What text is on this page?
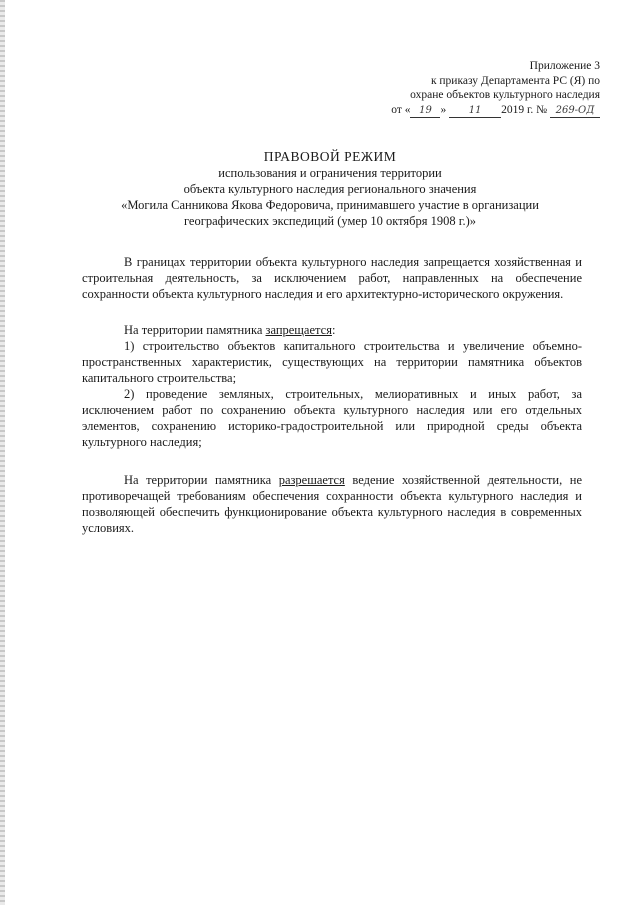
Приложение 3
к приказу Департамента РС (Я) по
охране объектов культурного наследия
от « 19 » 11 2019 г. № 269-ОД
ПРАВОВОЙ РЕЖИМ
использования и ограничения территории
объекта культурного наследия регионального значения
«Могила Санникова Якова Федоровича, принимавшего участие в организации
географических экспедиций (умер 10 октября 1908 г.)»

В границах территории объекта культурного наследия запрещается хозяйственная и строительная деятельность, за исключением работ, направленных на обеспечение сохранности объекта культурного наследия и его архитектурно-исторического окружения.

На территории памятника запрещается:

1) строительство объектов капитального строительства и увеличение объемно- пространственных характеристик, существующих на территории памятника объектов капитального строительства;

2) проведение земляных, строительных, мелиоративных и иных работ, за исключением работ по сохранению объекта культурного наследия или его отдельных элементов, сохранению историко-градостроительной или природной среды объекта культурного наследия;

На территории памятника разрешается ведение хозяйственной деятельности, не противоречащей требованиям обеспечения сохранности объекта культурного наследия и позволяющей обеспечить функционирование объекта культурного наследия в современных условиях.
